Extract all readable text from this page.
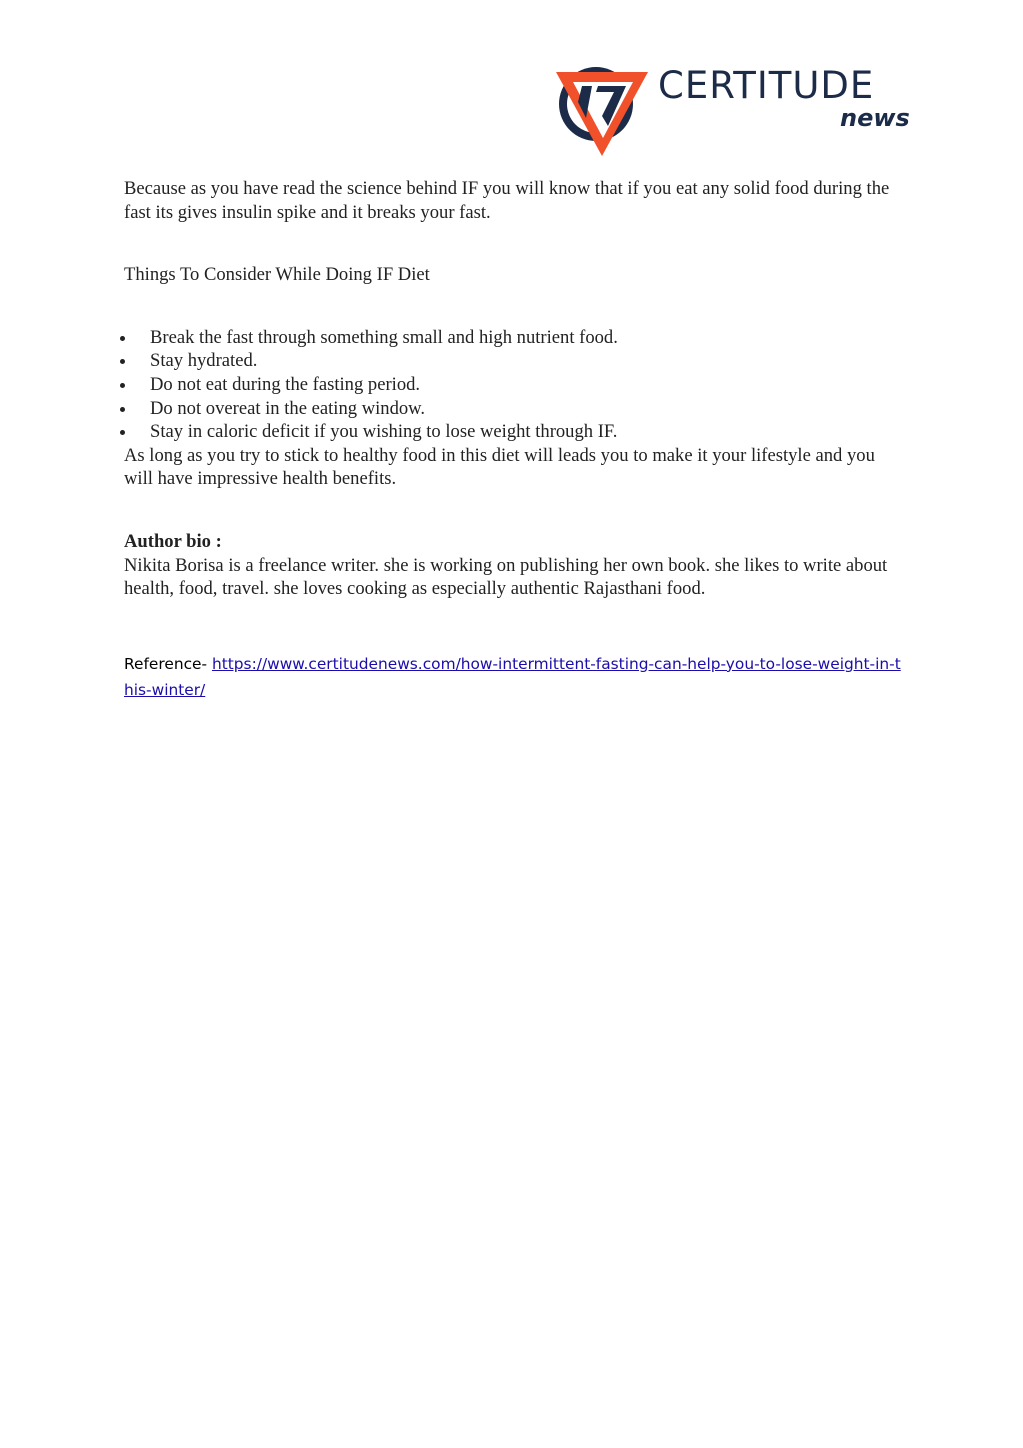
CERTITUDE
news

Because as you have read the science behind IF you will know that if you eat any solid food during the fast its gives insulin spike and it breaks your fast.

Things To Consider While Doing IF Diet

Break the fast through something small and high nutrient food.
Stay hydrated.
Do not eat during the fasting period.
Do not overeat in the eating window.
Stay in caloric deficit if you wishing to lose weight through IF.

As long as you try to stick to healthy food in this diet will leads you to make it your lifestyle and you will have impressive health benefits.

Author bio :

Nikita Borisa is a freelance writer. she is working on publishing her own book. she likes to write about health, food, travel. she loves cooking as especially authentic Rajasthani food.

Reference- https://www.certitudenews.com/how-intermittent-fasting-can-help-you-to-lose-weight-in-this-winter/
